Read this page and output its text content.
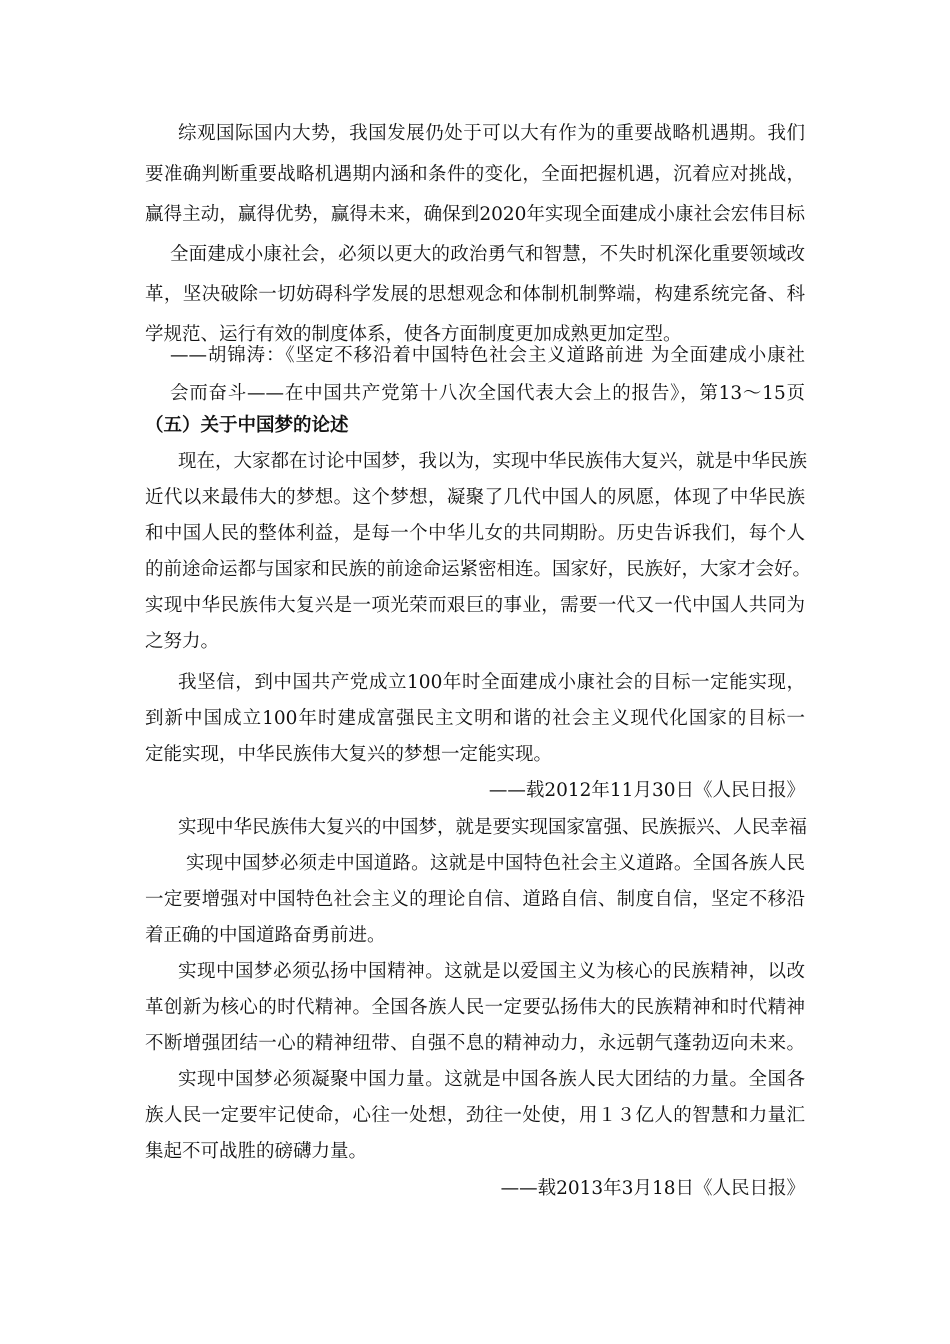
综观国际国内大势，我国发展仍处于可以大有作为的重要战略机遇期。我们

要准确判断重要战略机遇期内涵和条件的变化，全面把握机遇，沉着应对挑战，

赢得主动，赢得优势，赢得未来，确保到2020年实现全面建成小康社会宏伟目标

全面建成小康社会，必须以更大的政治勇气和智慧，不失时机深化重要领域改

革，坚决破除一切妨碍科学发展的思想观念和体制机制弊端，构建系统完备、科

学规范、运行有效的制度体系，使各方面制度更加成熟更加定型。

——胡锦涛：《坚定不移沿着中国特色社会主义道路前进 为全面建成小康社

会而奋斗——在中国共产党第十八次全国代表大会上的报告》，第13～15页

（五）关于中国梦的论述

现在，大家都在讨论中国梦，我以为，实现中华民族伟大复兴，就是中华民族

近代以来最伟大的梦想。这个梦想，凝聚了几代中国人的夙愿，体现了中华民族

和中国人民的整体利益，是每一个中华儿女的共同期盼。历史告诉我们，每个人

的前途命运都与国家和民族的前途命运紧密相连。国家好，民族好，大家才会好。

实现中华民族伟大复兴是一项光荣而艰巨的事业，需要一代又一代中国人共同为

之努力。

我坚信，到中国共产党成立100年时全面建成小康社会的目标一定能实现，

到新中国成立100年时建成富强民主文明和谐的社会主义现代化国家的目标一

定能实现，中华民族伟大复兴的梦想一定能实现。

——载2012年11月30日《人民日报》

实现中华民族伟大复兴的中国梦，就是要实现国家富强、民族振兴、人民幸福

实现中国梦必须走中国道路。这就是中国特色社会主义道路。全国各族人民

一定要增强对中国特色社会主义的理论自信、道路自信、制度自信，坚定不移沿

着正确的中国道路奋勇前进。

实现中国梦必须弘扬中国精神。这就是以爱国主义为核心的民族精神，以改

革创新为核心的时代精神。全国各族人民一定要弘扬伟大的民族精神和时代精神

不断增强团结一心的精神纽带、自强不息的精神动力，永远朝气蓬勃迈向未来。

实现中国梦必须凝聚中国力量。这就是中国各族人民大团结的力量。全国各

族人民一定要牢记使命，心往一处想，劲往一处使，用１３亿人的智慧和力量汇

集起不可战胜的磅礴力量。

——载2013年3月18日《人民日报》
